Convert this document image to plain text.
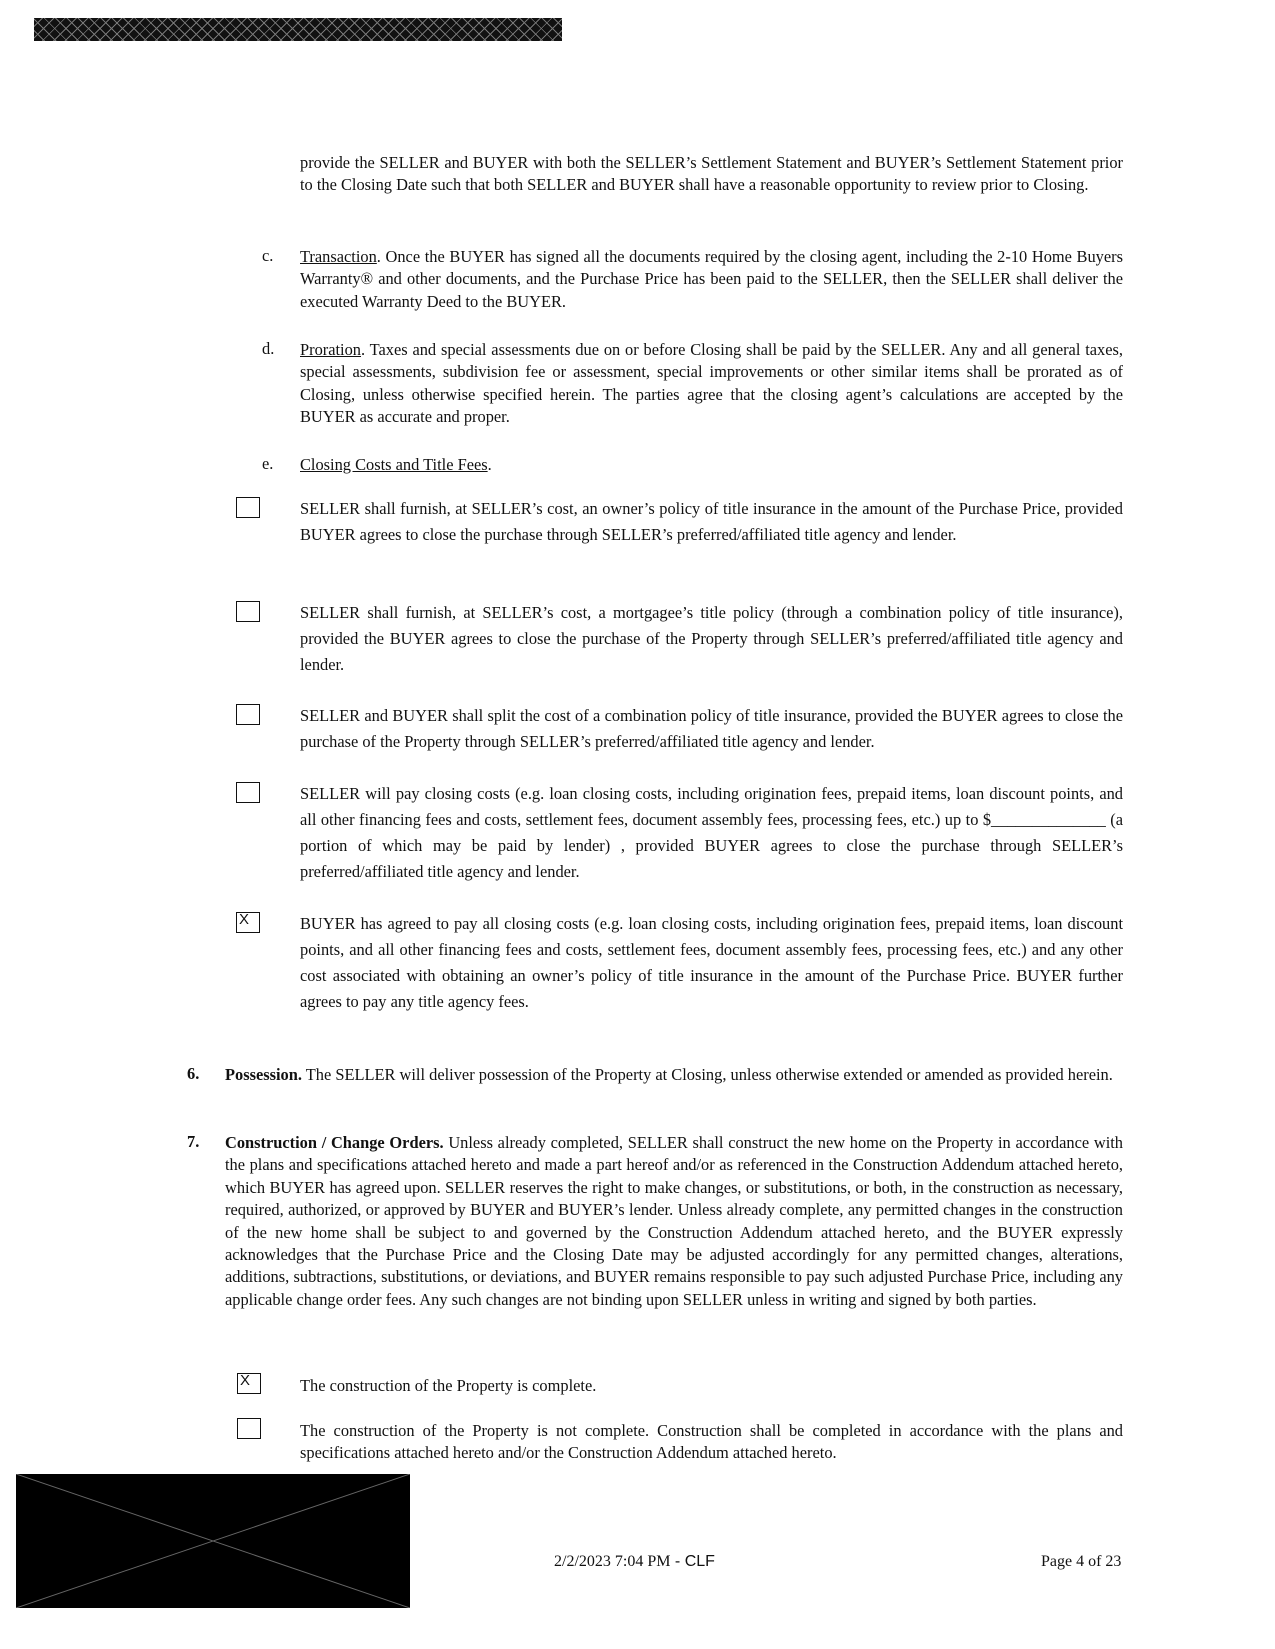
provide the SELLER and BUYER with both the SELLER’s Settlement Statement and BUYER’s Settlement Statement prior to the Closing Date such that both SELLER and BUYER shall have a reasonable opportunity to review prior to Closing.
c. Transaction. Once the BUYER has signed all the documents required by the closing agent, including the 2-10 Home Buyers Warranty® and other documents, and the Purchase Price has been paid to the SELLER, then the SELLER shall deliver the executed Warranty Deed to the BUYER.
d. Proration. Taxes and special assessments due on or before Closing shall be paid by the SELLER. Any and all general taxes, special assessments, subdivision fee or assessment, special improvements or other similar items shall be prorated as of Closing, unless otherwise specified herein. The parties agree that the closing agent’s calculations are accepted by the BUYER as accurate and proper.
e. Closing Costs and Title Fees.
SELLER shall furnish, at SELLER’s cost, an owner’s policy of title insurance in the amount of the Purchase Price, provided BUYER agrees to close the purchase through SELLER’s preferred/affiliated title agency and lender.
SELLER shall furnish, at SELLER’s cost, a mortgagee’s title policy (through a combination policy of title insurance), provided the BUYER agrees to close the purchase of the Property through SELLER’s preferred/affiliated title agency and lender.
SELLER and BUYER shall split the cost of a combination policy of title insurance, provided the BUYER agrees to close the purchase of the Property through SELLER’s preferred/affiliated title agency and lender.
SELLER will pay closing costs (e.g. loan closing costs, including origination fees, prepaid items, loan discount points, and all other financing fees and costs, settlement fees, document assembly fees, processing fees, etc.) up to $______________ (a portion of which may be paid by lender) , provided BUYER agrees to close the purchase through SELLER’s preferred/affiliated title agency and lender.
X	BUYER has agreed to pay all closing costs (e.g. loan closing costs, including origination fees, prepaid items, loan discount points, and all other financing fees and costs, settlement fees, document assembly fees, processing fees, etc.) and any other cost associated with obtaining an owner’s policy of title insurance in the amount of the Purchase Price. BUYER further agrees to pay any title agency fees.
6. Possession. The SELLER will deliver possession of the Property at Closing, unless otherwise extended or amended as provided herein.
7. Construction / Change Orders. Unless already completed, SELLER shall construct the new home on the Property in accordance with the plans and specifications attached hereto and made a part hereof and/or as referenced in the Construction Addendum attached hereto, which BUYER has agreed upon. SELLER reserves the right to make changes, or substitutions, or both, in the construction as necessary, required, authorized, or approved by BUYER and BUYER’s lender. Unless already complete, any permitted changes in the construction of the new home shall be subject to and governed by the Construction Addendum attached hereto, and the BUYER expressly acknowledges that the Purchase Price and the Closing Date may be adjusted accordingly for any permitted changes, alterations, additions, subtractions, substitutions, or deviations, and BUYER remains responsible to pay such adjusted Purchase Price, including any applicable change order fees. Any such changes are not binding upon SELLER unless in writing and signed by both parties.
X	The construction of the Property is complete.
The construction of the Property is not complete. Construction shall be completed in accordance with the plans and specifications attached hereto and/or the Construction Addendum attached hereto.
2/2/2023 7:04 PM - CLF	Page 4 of 23
